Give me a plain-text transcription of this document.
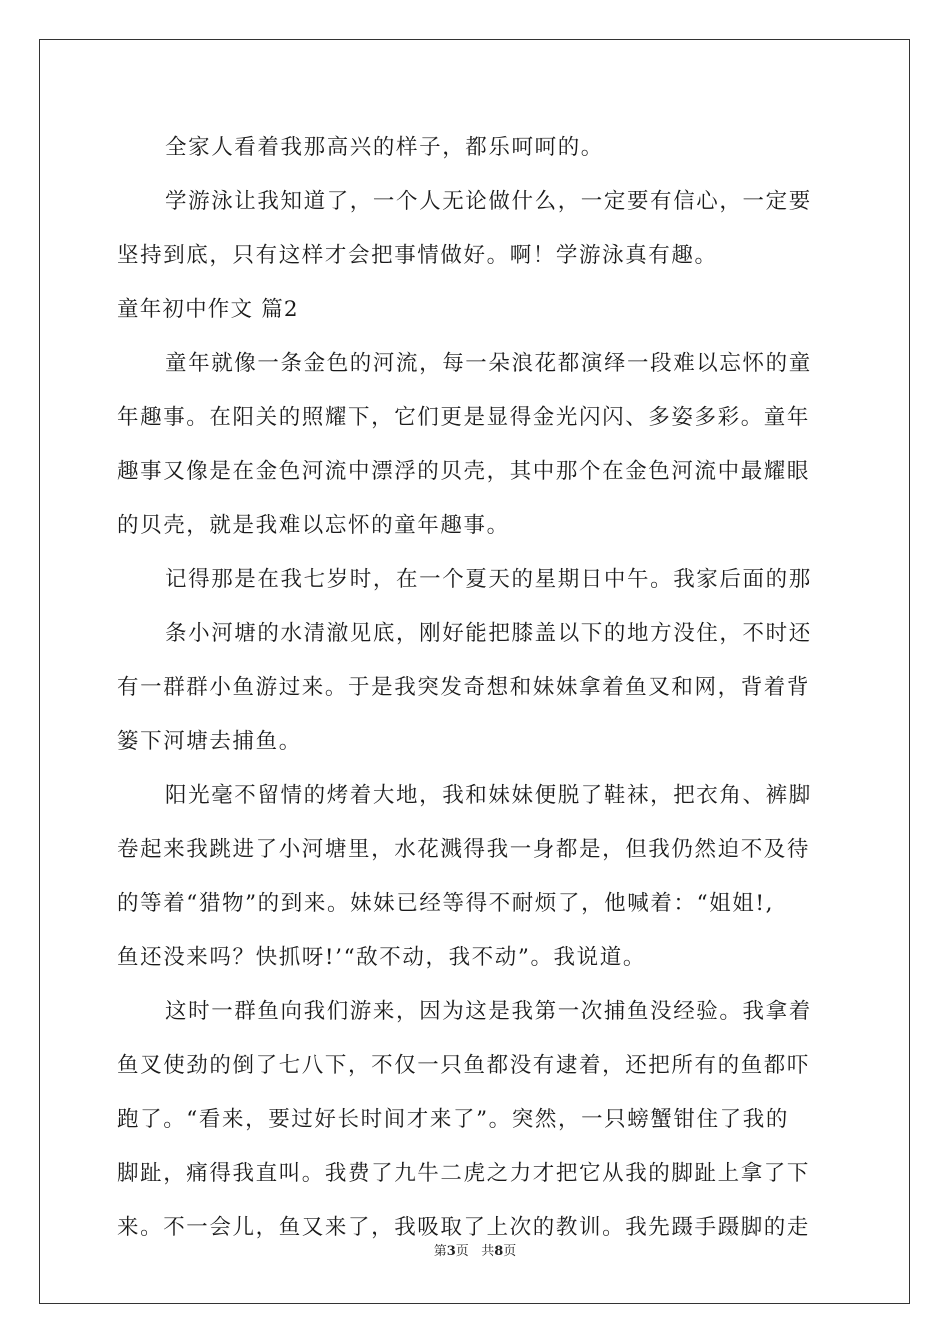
全家人看着我那高兴的样子，都乐呵呵的。
学游泳让我知道了，一个人无论做什么，一定要有信心，一定要
坚持到底，只有这样才会把事情做好。啊！学游泳真有趣。
童年初中作文 篇2
童年就像一条金色的河流，每一朵浪花都演绎一段难以忘怀的童
年趣事。在阳关的照耀下，它们更是显得金光闪闪、多姿多彩。童年
趣事又像是在金色河流中漂浮的贝壳，其中那个在金色河流中最耀眼
的贝壳，就是我难以忘怀的童年趣事。
记得那是在我七岁时，在一个夏天的星期日中午。我家后面的那
条小河塘的水清澈见底，刚好能把膝盖以下的地方没住，不时还
有一群群小鱼游过来。于是我突发奇想和妹妹拿着鱼叉和网，背着背
篓下河塘去捕鱼。
阳光毫不留情的烤着大地，我和妹妹便脱了鞋袜，把衣角、裤脚
卷起来我跳进了小河塘里，水花溅得我一身都是，但我仍然迫不及待
的等着“猎物”的到来。妹妹已经等得不耐烦了，他喊着：“姐姐!,
鱼还没来吗？快抓呀!’“敌不动，我不动”。我说道。
这时一群鱼向我们游来，因为这是我第一次捕鱼没经验。我拿着
鱼叉使劲的倒了七八下，不仅一只鱼都没有逮着，还把所有的鱼都吓
跑了。“看来，要过好长时间才来了”。突然，一只螃蟹钳住了我的
脚趾，痛得我直叫。我费了九牛二虎之力才把它从我的脚趾上拿了下
来。不一会儿，鱼又来了，我吸取了上次的教训。我先蹑手蹑脚的走
第3页 共8页
